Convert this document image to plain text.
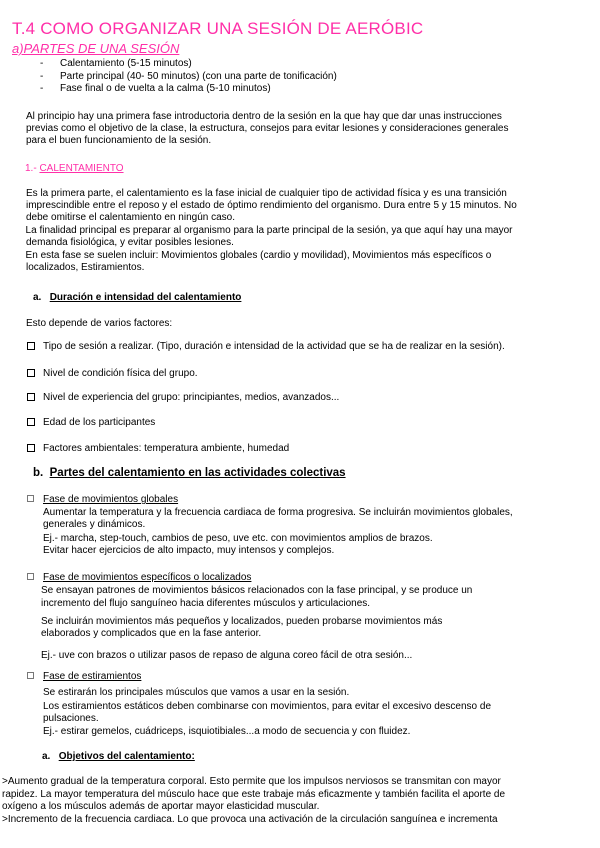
T.4 COMO ORGANIZAR UNA SESIÓN DE AERÓBIC
a)PARTES DE UNA SESIÓN
- Calentamiento (5-15 minutos)
- Parte principal (40- 50 minutos) (con una parte de tonificación)
- Fase final o de vuelta a la calma (5-10 minutos)
Al principio hay una primera fase introductoria dentro de la sesión en la que hay que dar unas instrucciones
previas como el objetivo de la clase, la estructura, consejos para evitar lesiones y consideraciones generales
para el buen funcionamiento de la sesión.
1.- CALENTAMIENTO
Es la primera parte, el calentamiento es la fase inicial de cualquier tipo de actividad física y es una transición
imprescindible entre el reposo y el estado de óptimo rendimiento del organismo. Dura entre 5 y 15 minutos. No
debe omitirse el calentamiento en ningún caso.
La finalidad principal es preparar al organismo para la parte principal de la sesión, ya que aquí hay una mayor
demanda fisiológica, y evitar posibles lesiones.
En esta fase se suelen incluir: Movimientos globales (cardio y movilidad), Movimientos más específicos o
localizados, Estiramientos.
a. Duración e intensidad del calentamiento
Esto depende de varios factores:
Tipo de sesión a realizar. (Tipo, duración e intensidad de la actividad que se ha de realizar en la sesión).
Nivel de condición física del grupo.
Nivel de experiencia del grupo: principiantes, medios, avanzados...
Edad de los participantes
Factores ambientales: temperatura ambiente, humedad
b. Partes del calentamiento en las actividades colectivas
Fase de movimientos globales
Aumentar la temperatura y la frecuencia cardiaca de forma progresiva. Se incluirán movimientos globales,
generales y dinámicos.
Ej.- marcha, step-touch, cambios de peso, uve etc. con movimientos amplios de brazos.
Evitar hacer ejercicios de alto impacto, muy intensos y complejos.
Fase de movimientos específicos o localizados
Se ensayan patrones de movimientos básicos relacionados con la fase principal, y se produce un
incremento del flujo sanguíneo hacia diferentes músculos y articulaciones.
Se incluirán movimientos más pequeños y localizados, pueden probarse movimientos más
elaborados y complicados que en la fase anterior.
Ej.- uve con brazos o utilizar pasos de repaso de alguna coreo fácil de otra sesión...
Fase de estiramientos
Se estirarán los principales músculos que vamos a usar en la sesión.
Los estiramientos estáticos deben combinarse con movimientos, para evitar el excesivo descenso de
pulsaciones.
Ej.- estirar gemelos, cuádriceps, isquiotibiales...a modo de secuencia y con fluidez.
a. Objetivos del calentamiento:
>Aumento gradual de la temperatura corporal. Esto permite que los impulsos nerviosos se transmitan con mayor
rapidez. La mayor temperatura del músculo hace que este trabaje más eficazmente y también facilita el aporte de
oxígeno a los músculos además de aportar mayor elasticidad muscular.
>Incremento de la frecuencia cardiaca. Lo que provoca una activación de la circulación sanguínea e incrementa
